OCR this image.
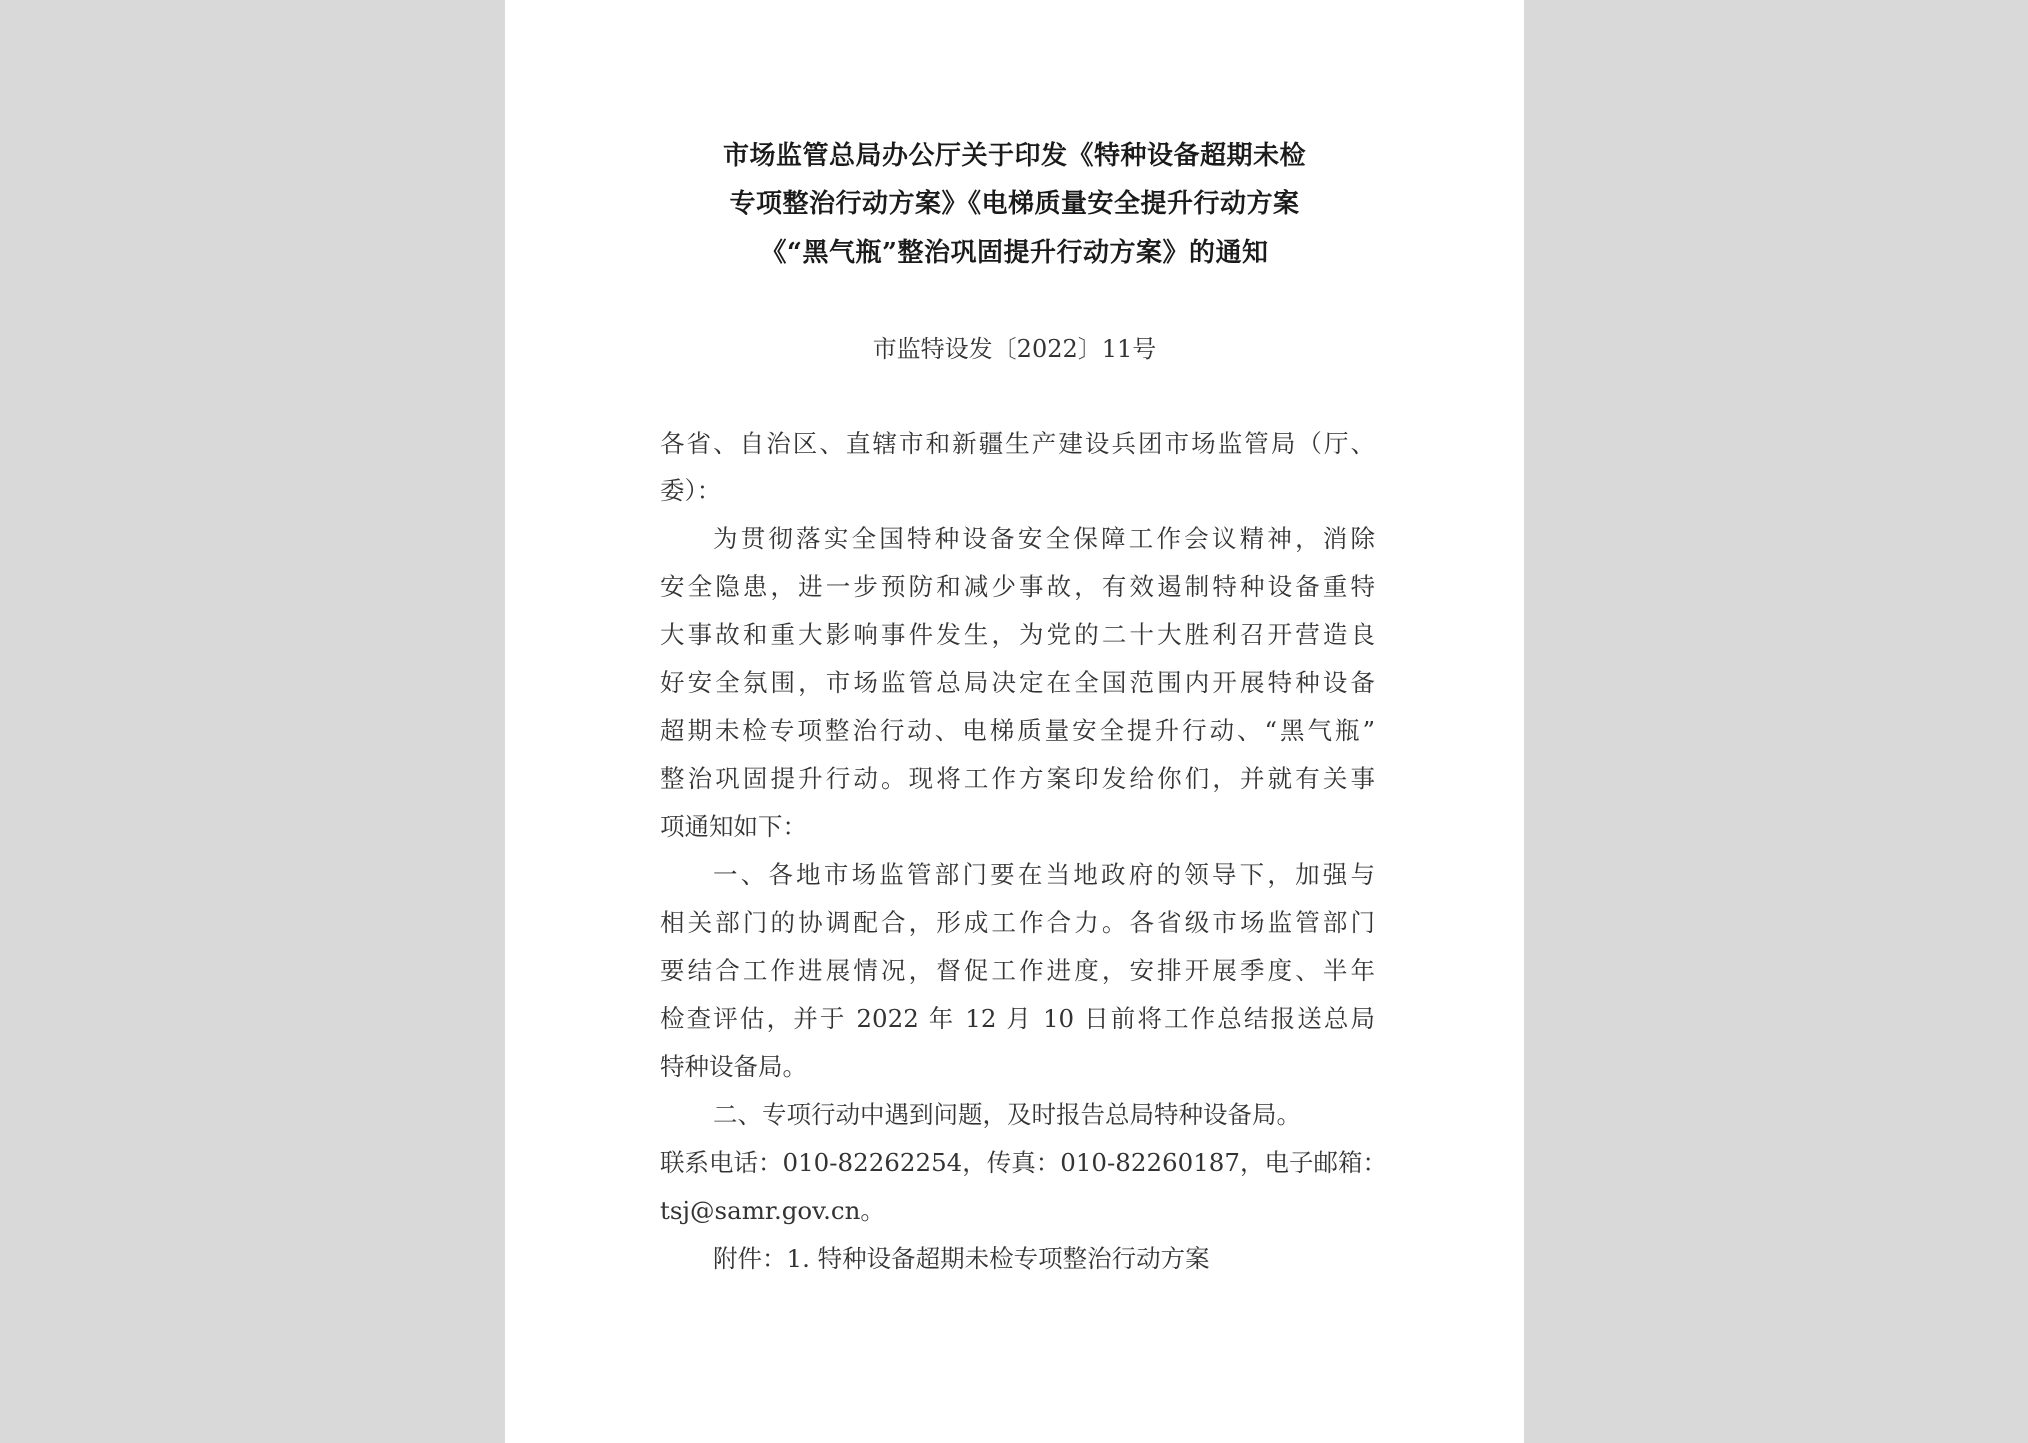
市场监管总局办公厅关于印发《特种设备超期未检
专项整治行动方案》《电梯质量安全提升行动方案
《“黑气瓶”整治巩固提升行动方案》的通知
市监特设发〔2022〕11号
各省、自治区、直辖市和新疆生产建设兵团市场监管局（厅、
委）：
为贯彻落实全国特种设备安全保障工作会议精神，消除
安全隐患，进一步预防和减少事故，有效遏制特种设备重特
大事故和重大影响事件发生，为党的二十大胜利召开营造良
好安全氛围，市场监管总局决定在全国范围内开展特种设备
超期未检专项整治行动、电梯质量安全提升行动、“黑气瓶”
整治巩固提升行动。现将工作方案印发给你们，并就有关事
项通知如下：
一、各地市场监管部门要在当地政府的领导下，加强与
相关部门的协调配合，形成工作合力。各省级市场监管部门
要结合工作进展情况，督促工作进度，安排开展季度、半年
检查评估，并于 2022 年 12 月 10 日前将工作总结报送总局
特种设备局。
二、专项行动中遇到问题，及时报告总局特种设备局。
联系电话：010-82262254，传真：010-82260187，电子邮箱：
tsj@samr.gov.cn。
附件：1. 特种设备超期未检专项整治行动方案
